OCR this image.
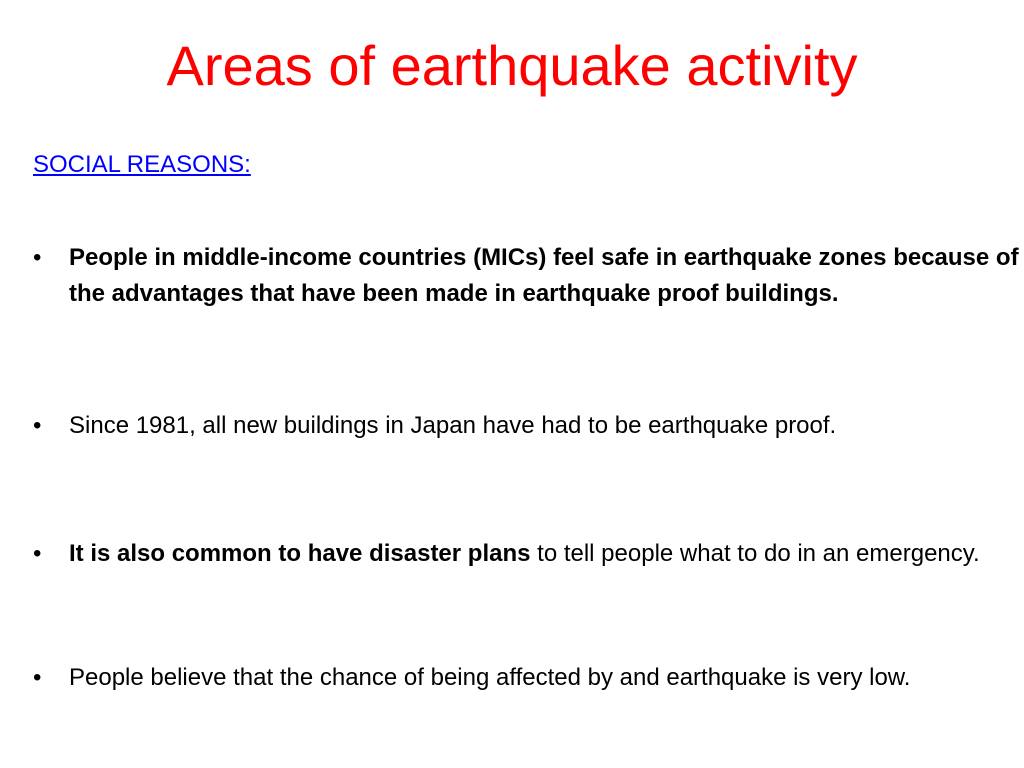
Areas of earthquake activity

SOCIAL REASONS:

•	People in middle-income countries (MICs) feel safe in earthquake zones because of the advantages that have been made in earthquake proof buildings.
•	Since 1981, all new buildings in Japan have had to be earthquake proof.
•	It is also common to have disaster plans to tell people what to do in an emergency.
•	People believe that the chance of being affected by and earthquake is very low.
